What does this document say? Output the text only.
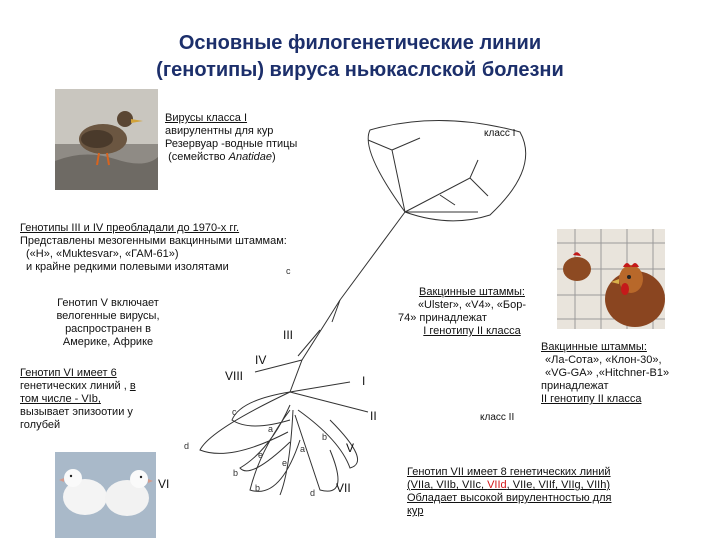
Основные филогенетические линии
(генотипы) вируса ньюкаслской болезни
Вирусы класса I
авирулентны для кур
Резервуар -водные птицы
(семейство Anatidae)
Генотипы III и IV преобладали до 1970-х гг.
Представлены мезогенными вакцинными штаммам:
(«Н», «Muktesvar», «ГАМ-61»)
и крайне редкими полевыми изолятами
Генотип V включает
велогенные вирусы,
распространен в
Америке, Африке
Генотип VI имеет 6
генетических линий , в
том числе - VIb,
вызывает эпизоотии у
голубей
Вакцинные штаммы:
«Ulster», «V4», «Бор-
74» принадлежат
I генотипу II класса
Вакцинные штаммы:
«Ла-Сота», «Клон-30»,
«VG-GA» ,«Hitchner-B1»
принадлежат
II генотипу II класса
Генотип VII имеет 8 генетических линий
(VIIa, VIIb, VIIc, VIId, VIIe, VIIf, VIIg, VIIh)
Обладает высокой вирулентностью для
кур
класс I
класс II
III
IV
VIII	I
II
V
VI	VII
c
c
a
a
b
b
b
d
d
e
e
